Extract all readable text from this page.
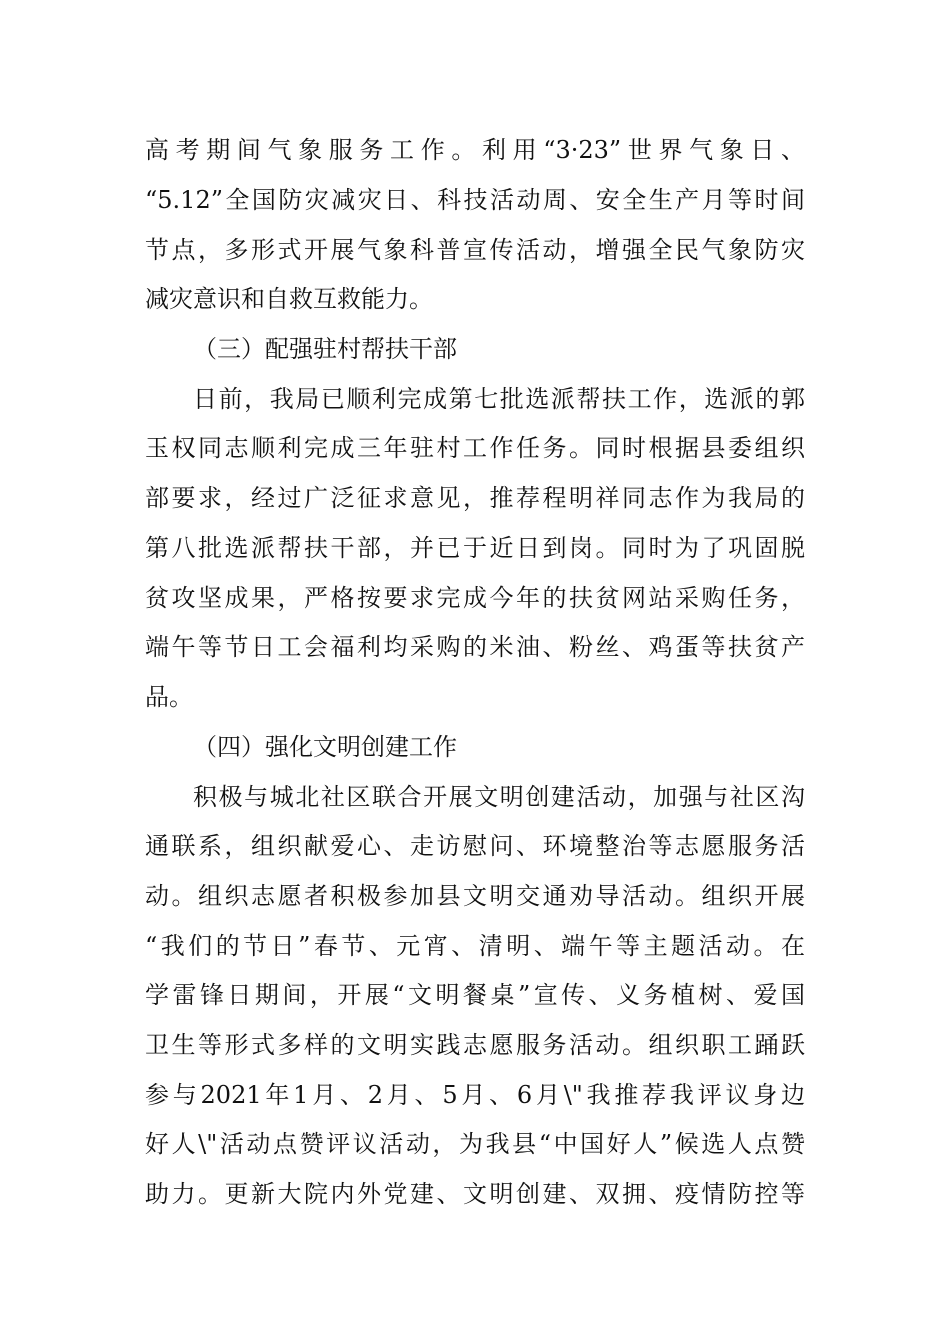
高考期间气象服务工作。利用“3·23”世界气象日、
“5.12”全国防灾减灾日、科技活动周、安全生产月等时间
节点，多形式开展气象科普宣传活动，增强全民气象防灾
减灾意识和自救互救能力。
（三）配强驻村帮扶干部
日前，我局已顺利完成第七批选派帮扶工作，选派的郭
玉权同志顺利完成三年驻村工作任务。同时根据县委组织
部要求，经过广泛征求意见，推荐程明祥同志作为我局的
第八批选派帮扶干部，并已于近日到岗。同时为了巩固脱
贫攻坚成果，严格按要求完成今年的扶贫网站采购任务，
端午等节日工会福利均采购的米油、粉丝、鸡蛋等扶贫产
品。
（四）强化文明创建工作
积极与城北社区联合开展文明创建活动，加强与社区沟
通联系，组织献爱心、走访慰问、环境整治等志愿服务活
动。组织志愿者积极参加县文明交通劝导活动。组织开展
“我们的节日”春节、元宵、清明、端午等主题活动。在
学雷锋日期间，开展“文明餐桌”宣传、义务植树、爱国
卫生等形式多样的文明实践志愿服务活动。组织职工踊跃
参与2021年1月、2月、5月、6月\"我推荐我评议身边
好人\"活动点赞评议活动，为我县“中国好人”候选人点赞
助力。更新大院内外党建、文明创建、双拥、疫情防控等
